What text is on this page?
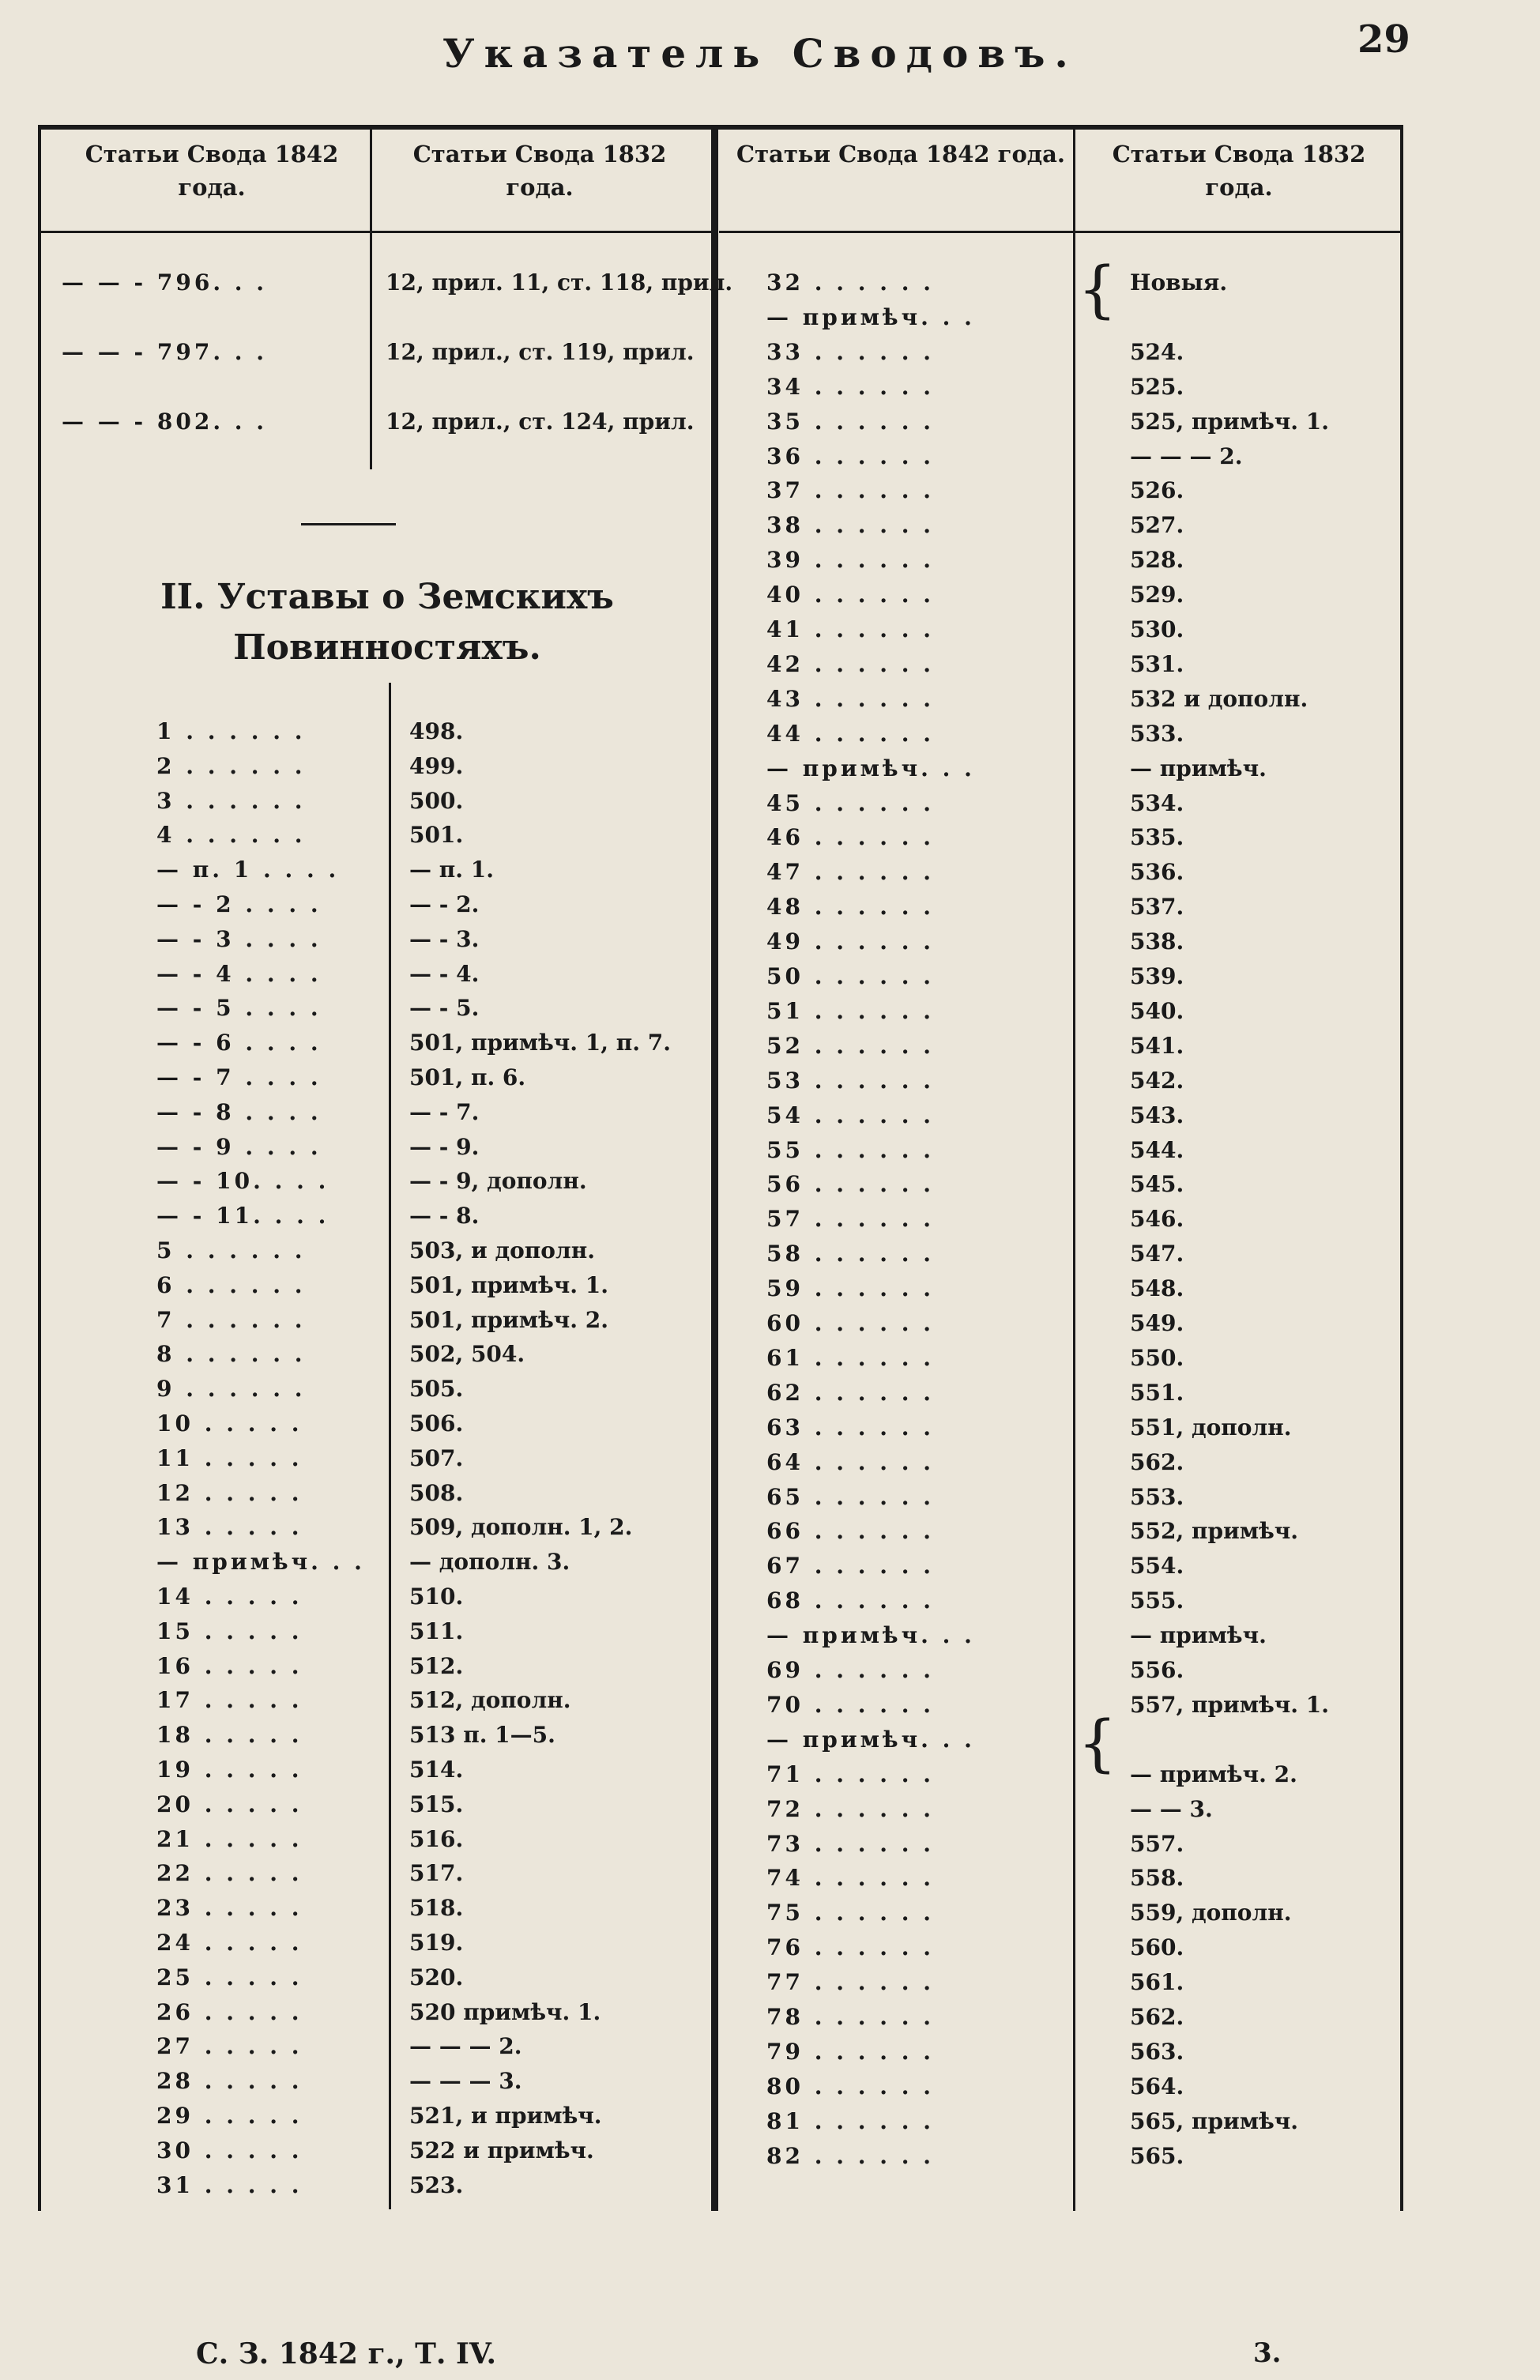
Указатель Сводовъ.	29
Статьи Свода 1842 года.
Статьи Свода 1832 года.
— — - 796. . .	12, прил. 11, ст. 118, прил.
— — - 797. . .	12, прил., ст. 119, прил.
— — - 802. . .	12, прил., ст. 124, прил.
II. Уставы о Земскихъ Повинностяхъ.
1 . . . . . .	498.
2 . . . . . .	499.
3 . . . . . .	500.
4 . . . . . .	501.
— п. 1 . . . .	— п. 1.
— - 2 . . . .	— - 2.
— - 3 . . . .	— - 3.
— - 4 . . . .	— - 4.
— - 5 . . . .	— - 5.
— - 6 . . . .	501, примѣч. 1, п. 7.
— - 7 . . . .	501, п. 6.
— - 8 . . . .	— - 7.
— - 9 . . . .	— - 9.
— - 10. . . .	— - 9, дополн.
— - 11. . . .	— - 8.
5 . . . . . .	503, и дополн.
6 . . . . . .	501, примѣч. 1.
7 . . . . . .	501, примѣч. 2.
8 . . . . . .	502, 504.
9 . . . . . .	505.
10 . . . . .	506.
11 . . . . .	507.
12 . . . . .	508.
13 . . . . .	509, дополн. 1, 2.
— примѣч. . .	— дополн. 3.
14 . . . . .	510.
15 . . . . .	511.
16 . . . . .	512.
17 . . . . .	512, дополн.
18 . . . . .	513 п. 1—5.
19 . . . . .	514.
20 . . . . .	515.
21 . . . . .	516.
22 . . . . .	517.
23 . . . . .	518.
24 . . . . .	519.
25 . . . . .	520.
26 . . . . .	520 примѣч. 1.
27 . . . . .	— — — 2.
28 . . . . .	— — — 3.
29 . . . . .	521, и примѣч.
30 . . . . .	522 и примѣч.
31 . . . . .	523.
Статьи Свода 1842 года.	Статьи Свода 1832 года.
{
{
32 . . . . . .	Новыя.
— примѣч. . .
33 . . . . . .	524.
34 . . . . . .	525.
35 . . . . . .	525, примѣч. 1.
36 . . . . . .	— — — 2.
37 . . . . . .	526.
38 . . . . . .	527.
39 . . . . . .	528.
40 . . . . . .	529.
41 . . . . . .	530.
42 . . . . . .	531.
43 . . . . . .	532 и дополн.
44 . . . . . .	533.
— примѣч. . .	— примѣч.
45 . . . . . .	534.
46 . . . . . .	535.
47 . . . . . .	536.
48 . . . . . .	537.
49 . . . . . .	538.
50 . . . . . .	539.
51 . . . . . .	540.
52 . . . . . .	541.
53 . . . . . .	542.
54 . . . . . .	543.
55 . . . . . .	544.
56 . . . . . .	545.
57 . . . . . .	546.
58 . . . . . .	547.
59 . . . . . .	548.
60 . . . . . .	549.
61 . . . . . .	550.
62 . . . . . .	551.
63 . . . . . .	551, дополн.
64 . . . . . .	562.
65 . . . . . .	553.
66 . . . . . .	552, примѣч.
67 . . . . . .	554.
68 . . . . . .	555.
— примѣч. . .	— примѣч.
69 . . . . . .	556.
70 . . . . . .	557, примѣч. 1.
— примѣч. . .
71 . . . . . .	— примѣч. 2.
72 . . . . . .	— — 3.
73 . . . . . .	557.
74 . . . . . .	558.
75 . . . . . .	559, дополн.
76 . . . . . .	560.
77 . . . . . .	561.
78 . . . . . .	562.
79 . . . . . .	563.
80 . . . . . .	564.
81 . . . . . .	565, примѣч.
82 . . . . . .	565.
С. З. 1842 г., Т. IV.	3.
